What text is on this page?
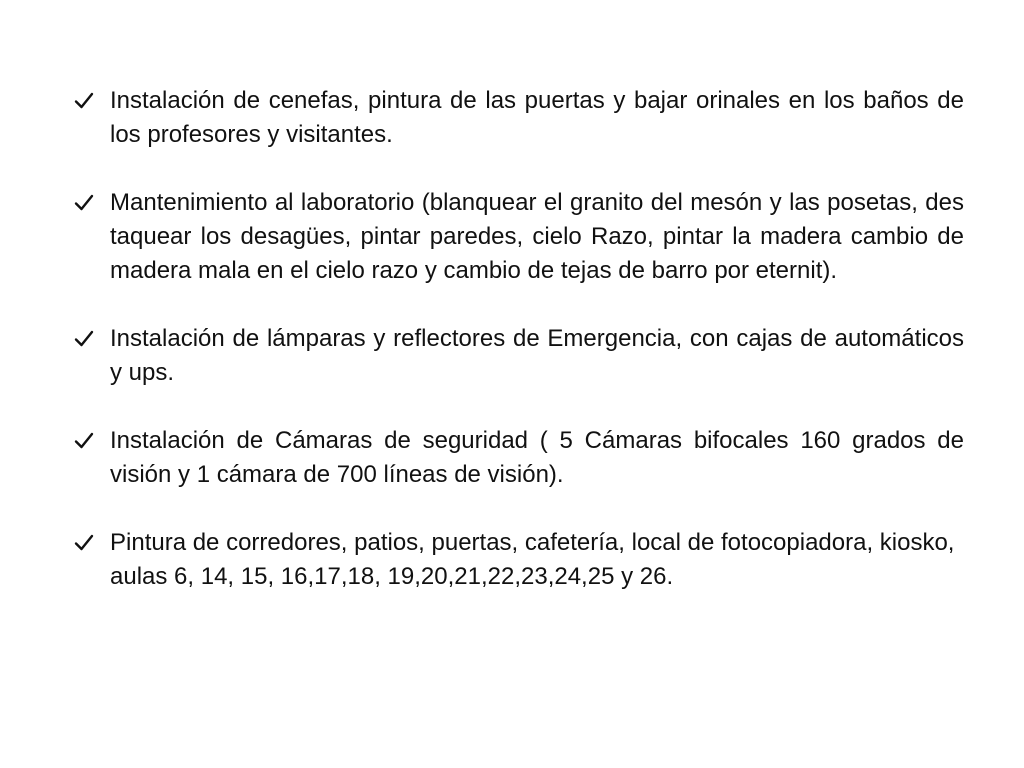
Instalación de cenefas, pintura de las puertas y bajar orinales en los baños de los profesores y visitantes.
Mantenimiento al laboratorio (blanquear el granito del mesón y las posetas, des taquear los desagües, pintar paredes, cielo Razo, pintar la madera cambio de madera mala en el cielo razo y cambio de tejas de barro por eternit).
Instalación de lámparas y reflectores de Emergencia, con cajas de automáticos y ups.
Instalación de Cámaras de seguridad ( 5 Cámaras bifocales 160 grados de visión y 1 cámara de 700 líneas de visión).
Pintura de corredores, patios, puertas, cafetería, local de fotocopiadora, kiosko, aulas 6, 14, 15, 16,17,18, 19,20,21,22,23,24,25 y 26.
